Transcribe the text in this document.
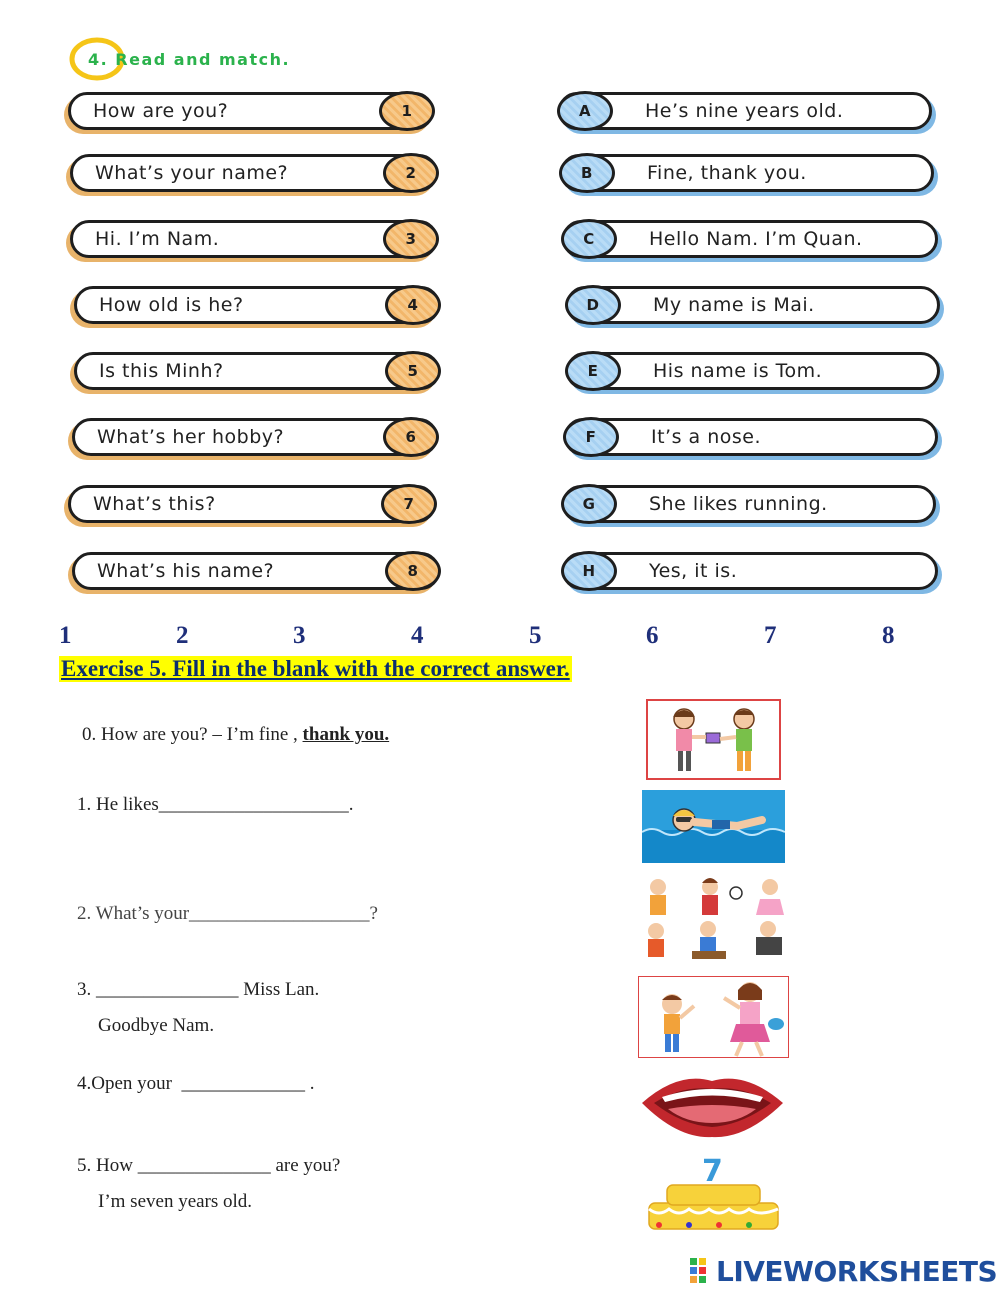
4. Read and match.
How are you?	1
What’s your name?	2
Hi. I’m Nam.	3
How old is he?	4
Is this Minh?	5
What’s her hobby?	6
What’s this?	7
What’s his name?	8
A	He’s nine years old.
B	Fine, thank you.
C	Hello Nam. I’m Quan.
D	My name is Mai.
E	His name is Tom.
F	It’s a nose.
G	She likes running.
H	Yes, it is.
1	2	3	4	5	6	7	8
Exercise 5. Fill in the blank with the correct answer.
0. How are you? – I’m fine , thank you.
1. He likes____________________.
2. What’s your___________________?
3. _______________ Miss Lan.
Goodbye Nam.
4.Open your  _____________ .
5. How ______________ are you?
I’m seven years old.
7
LIVEWORKSHEETS
